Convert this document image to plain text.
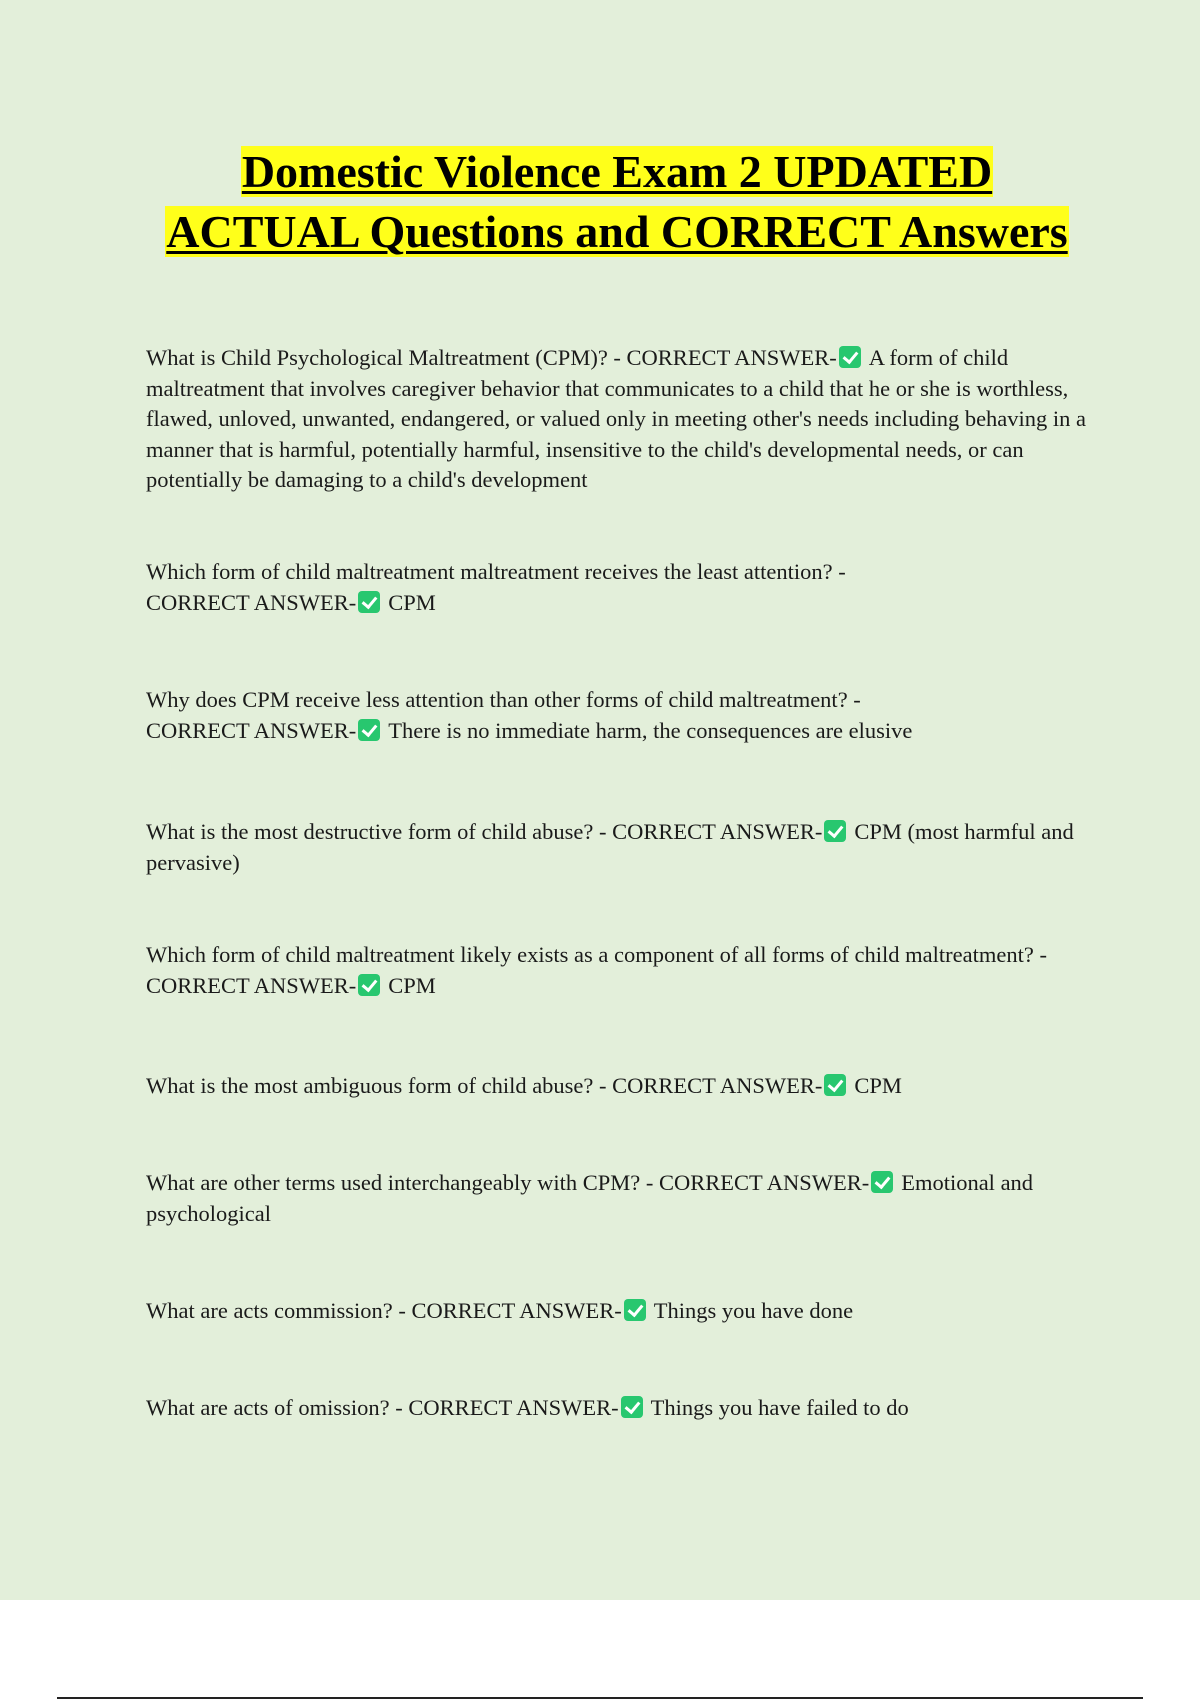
Domestic Violence Exam 2 UPDATED ACTUAL Questions and CORRECT Answers

What is Child Psychological Maltreatment (CPM)? - CORRECT ANSWER- A form of child maltreatment that involves caregiver behavior that communicates to a child that he or she is worthless, flawed, unloved, unwanted, endangered, or valued only in meeting other's needs including behaving in a manner that is harmful, potentially harmful, insensitive to the child's developmental needs, or can potentially be damaging to a child's development

Which form of child maltreatment maltreatment receives the least attention? -
CORRECT ANSWER- CPM

Why does CPM receive less attention than other forms of child maltreatment? -
CORRECT ANSWER- There is no immediate harm, the consequences are elusive

What is the most destructive form of child abuse? - CORRECT ANSWER- CPM (most harmful and pervasive)

Which form of child maltreatment likely exists as a component of all forms of child maltreatment? - CORRECT ANSWER- CPM

What is the most ambiguous form of child abuse? - CORRECT ANSWER- CPM

What are other terms used interchangeably with CPM? - CORRECT ANSWER- Emotional and psychological

What are acts commission? - CORRECT ANSWER- Things you have done

What are acts of omission? - CORRECT ANSWER- Things you have failed to do
